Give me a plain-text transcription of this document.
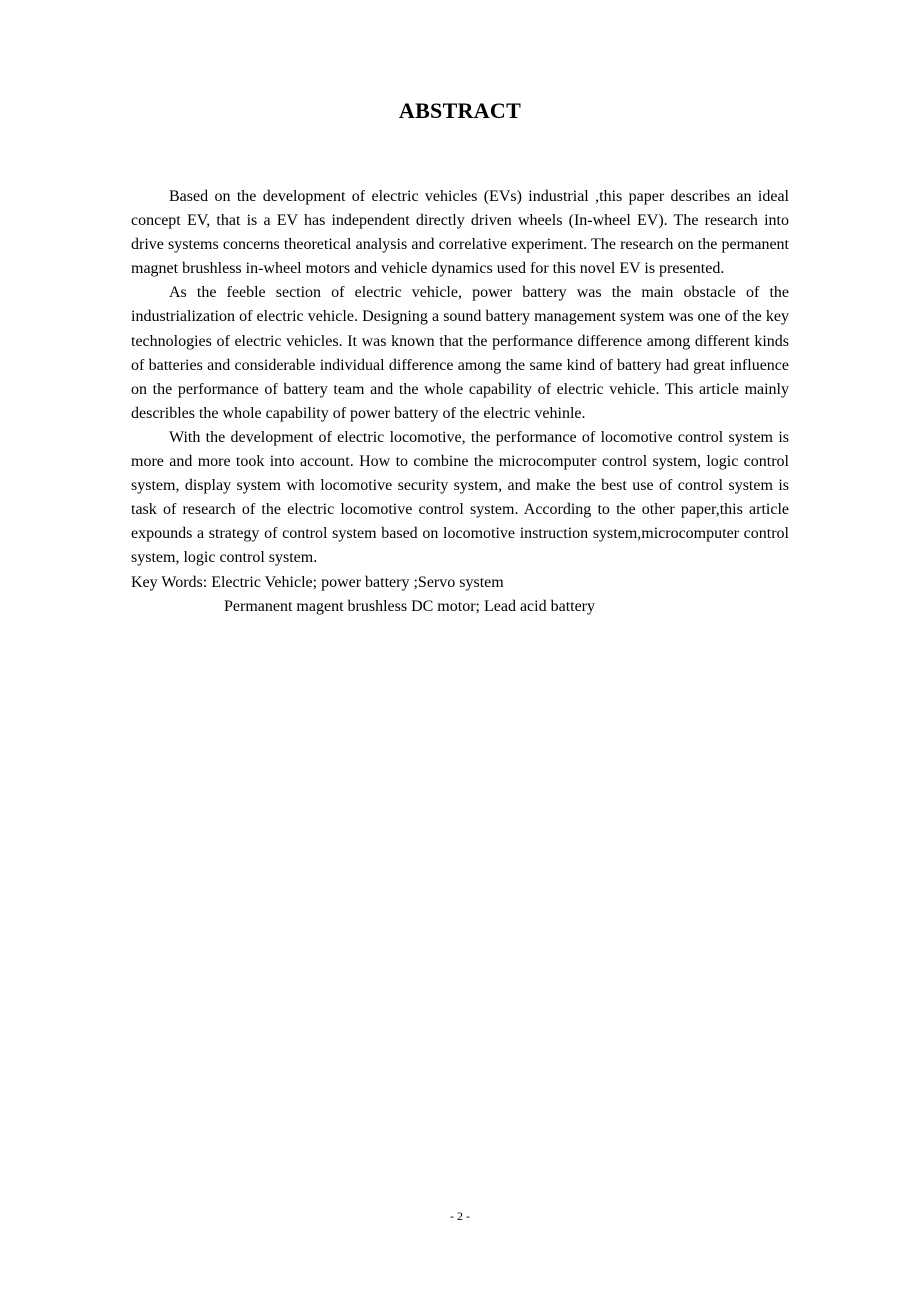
ABSTRACT

Based on the development of electric vehicles (EVs) industrial ,this paper describes an ideal concept EV, that is a EV has independent directly driven wheels (In-wheel EV). The research into drive systems concerns theoretical analysis and correlative experiment. The research on the permanent magnet brushless in-wheel motors and vehicle dynamics used for this novel EV is presented.

As the feeble section of electric vehicle, power battery was the main obstacle of the industrialization of electric vehicle. Designing a sound battery management system was one of the key technologies of electric vehicles. It was known that the performance difference among different kinds of batteries and considerable individual difference among the same kind of battery had great influence on the performance of battery team and the whole capability of electric vehicle. This article mainly describles the whole capability of power battery of the electric vehinle.

With the development of electric locomotive, the performance of locomotive control system is more and more took into account. How to combine the microcomputer control system, logic control system, display system with locomotive security system, and make the best use of control system is task of research of the electric locomotive control system. According to the other paper,this article expounds a strategy of control system based on locomotive instruction system,microcomputer control system, logic control system.

Key Words: Electric Vehicle; power battery ;Servo system

Permanent magent brushless DC motor; Lead acid battery

- 2 -
